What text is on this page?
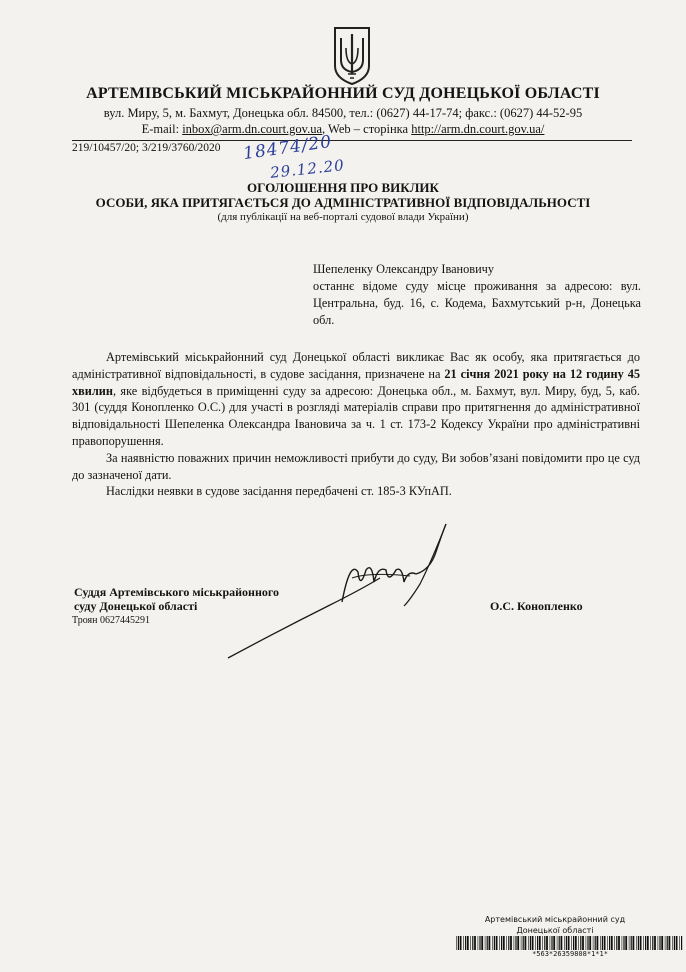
АРТЕМІВСЬКИЙ МІСЬКРАЙОННИЙ СУД ДОНЕЦЬКОЇ ОБЛАСТІ
вул. Миру, 5, м. Бахмут, Донецька обл. 84500, тел.: (0627) 44-17-74; факс.: (0627) 44-52-95
E-mail: inbox@arm.dn.court.gov.ua, Web – сторінка http://arm.dn.court.gov.ua/
219/10457/20; 3/219/3760/2020 18474/20
29.12.20
ОГОЛОШЕННЯ ПРО ВИКЛИК
ОСОБИ, ЯКА ПРИТЯГАЄТЬСЯ ДО АДМІНІСТРАТИВНОЇ ВІДПОВІДАЛЬНОСТІ
(для публікації на веб-порталі судової влади України)

Шепеленку Олександру Івановичу

останнє відоме суду місце проживання за адресою: вул. Центральна, буд. 16, с. Кодема, Бахмутський р-н, Донецька обл.

Артемівський міськрайонний суд Донецької області викликає Вас як особу, яка притягається до адміністративної відповідальності, в судове засідання, призначене на 21 січня 2021 року на 12 годину 45 хвилин, яке відбудеться в приміщенні суду за адресою: Донецька обл., м. Бахмут, вул. Миру, буд, 5, каб. 301 (суддя Конопленко О.С.) для участі в розгляді матеріалів справи про притягнення до адміністративної відповідальності Шепеленка Олександра Івановича за ч. 1 ст. 173-2 Кодексу України про адміністративні правопорушення.

За наявністю поважних причин неможливості прибути до суду, Ви зобов’язані повідомити про це суд до зазначеної дати.

Наслідки неявки в судове засідання передбачені ст. 185-3 КУпАП.

Суддя Артемівського міськрайонного
суду Донецької області	О.С. Конопленко
Троян 0627445291
Артемівський міськрайонний суд
Донецької області
*563*26359808*1*1*
